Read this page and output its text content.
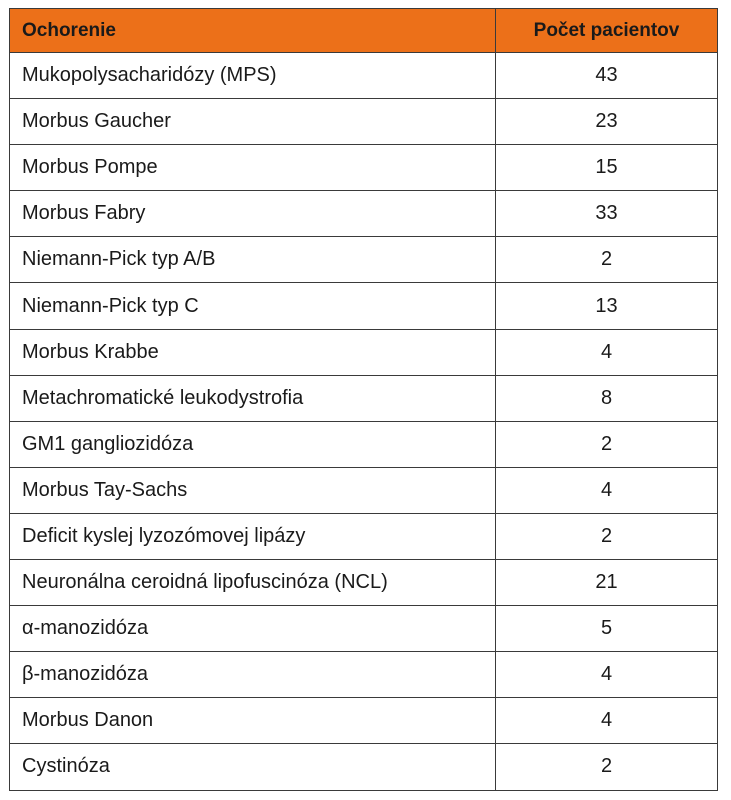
Ochorenie	Počet pacientov
Mukopolysacharidózy (MPS)	43
Morbus Gaucher	23
Morbus Pompe	15
Morbus Fabry	33
Niemann-Pick typ A/B	2
Niemann-Pick typ C	13
Morbus Krabbe	4
Metachromatické leukodystrofia	8
GM1 gangliozidóza	2
Morbus Tay-Sachs	4
Deficit kyslej lyzozómovej lipázy	2
Neuronálna ceroidná lipofuscinóza (NCL)	21
α-manozidóza	5
β-manozidóza	4
Morbus Danon	4
Cystinóza	2
